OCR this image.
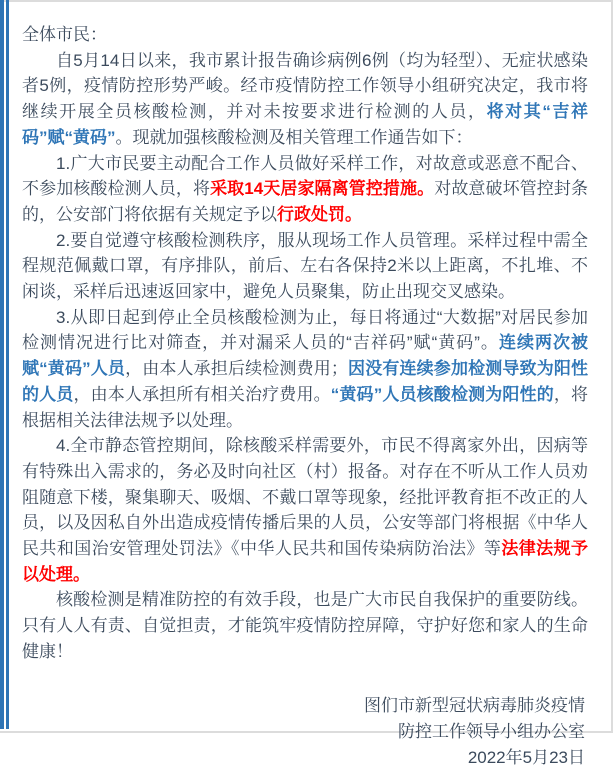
全体市民：

自5月14日以来，我市累计报告确诊病例6例（均为轻型）、无症状感染者5例，疫情防控形势严峻。经市疫情防控工作领导小组研究决定，我市将继续开展全员核酸检测，并对未按要求进行检测的人员，将对其“吉祥码”赋“黄码”。现就加强核酸检测及相关管理工作通告如下：

1.广大市民要主动配合工作人员做好采样工作，对故意或恶意不配合、不参加核酸检测人员，将采取14天居家隔离管控措施。对故意破坏管控封条的，公安部门将依据有关规定予以行政处罚。

2.要自觉遵守核酸检测秩序，服从现场工作人员管理。采样过程中需全程规范佩戴口罩，有序排队，前后、左右各保持2米以上距离，不扎堆、不闲谈，采样后迅速返回家中，避免人员聚集，防止出现交叉感染。

3.从即日起到停止全员核酸检测为止，每日将通过“大数据”对居民参加检测情况进行比对筛查，并对漏采人员的“吉祥码”赋“黄码”。连续两次被赋“黄码”人员，由本人承担后续检测费用；因没有连续参加检测导致为阳性的人员，由本人承担所有相关治疗费用。“黄码”人员核酸检测为阳性的，将根据相关法律法规予以处理。

4.全市静态管控期间，除核酸采样需要外，市民不得离家外出，因病等有特殊出入需求的，务必及时向社区（村）报备。对存在不听从工作人员劝阻随意下楼，聚集聊天、吸烟、不戴口罩等现象，经批评教育拒不改正的人员，以及因私自外出造成疫情传播后果的人员，公安等部门将根据《中华人民共和国治安管理处罚法》《中华人民共和国传染病防治法》等法律法规予以处理。

核酸检测是精准防控的有效手段，也是广大市民自我保护的重要防线。只有人人有责、自觉担责，才能筑牢疫情防控屏障，守护好您和家人的生命健康！

图们市新型冠状病毒肺炎疫情
防控工作领导小组办公室
2022年5月23日
